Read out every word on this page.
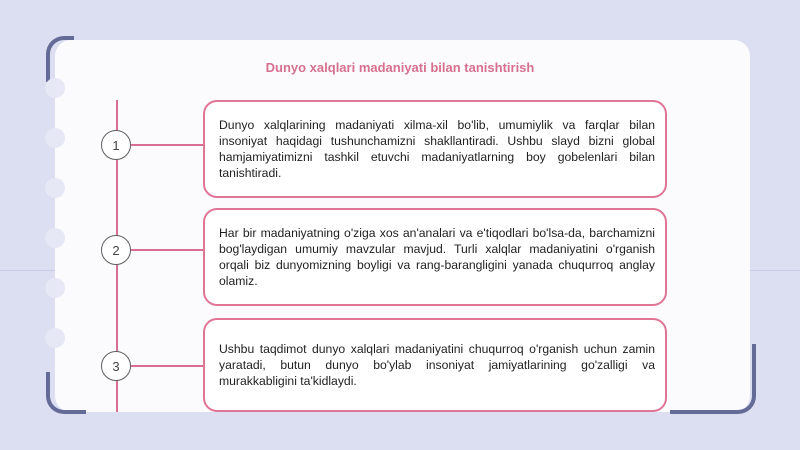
Dunyo xalqlari madaniyati bilan tanishtirish
1
Dunyo xalqlarining madaniyati xilma-xil bo'lib, umumiylik va farqlar bilan insoniyat haqidagi tushunchamizni shakllantiradi. Ushbu slayd bizni global hamjamiyatimizni tashkil etuvchi madaniyatlarning boy gobelenlari bilan tanishtiradi.
2
Har bir madaniyatning o'ziga xos an'analari va e'tiqodlari bo'lsa-da, barchamizni bog'laydigan umumiy mavzular mavjud. Turli xalqlar madaniyatini o'rganish orqali biz dunyomizning boyligi va rang-barangligini yanada chuqurroq anglay olamiz.
3
Ushbu taqdimot dunyo xalqlari madaniyatini chuqurroq o'rganish uchun zamin yaratadi, butun dunyo bo'ylab insoniyat jamiyatlarining go'zalligi va murakkabligini ta'kidlaydi.
